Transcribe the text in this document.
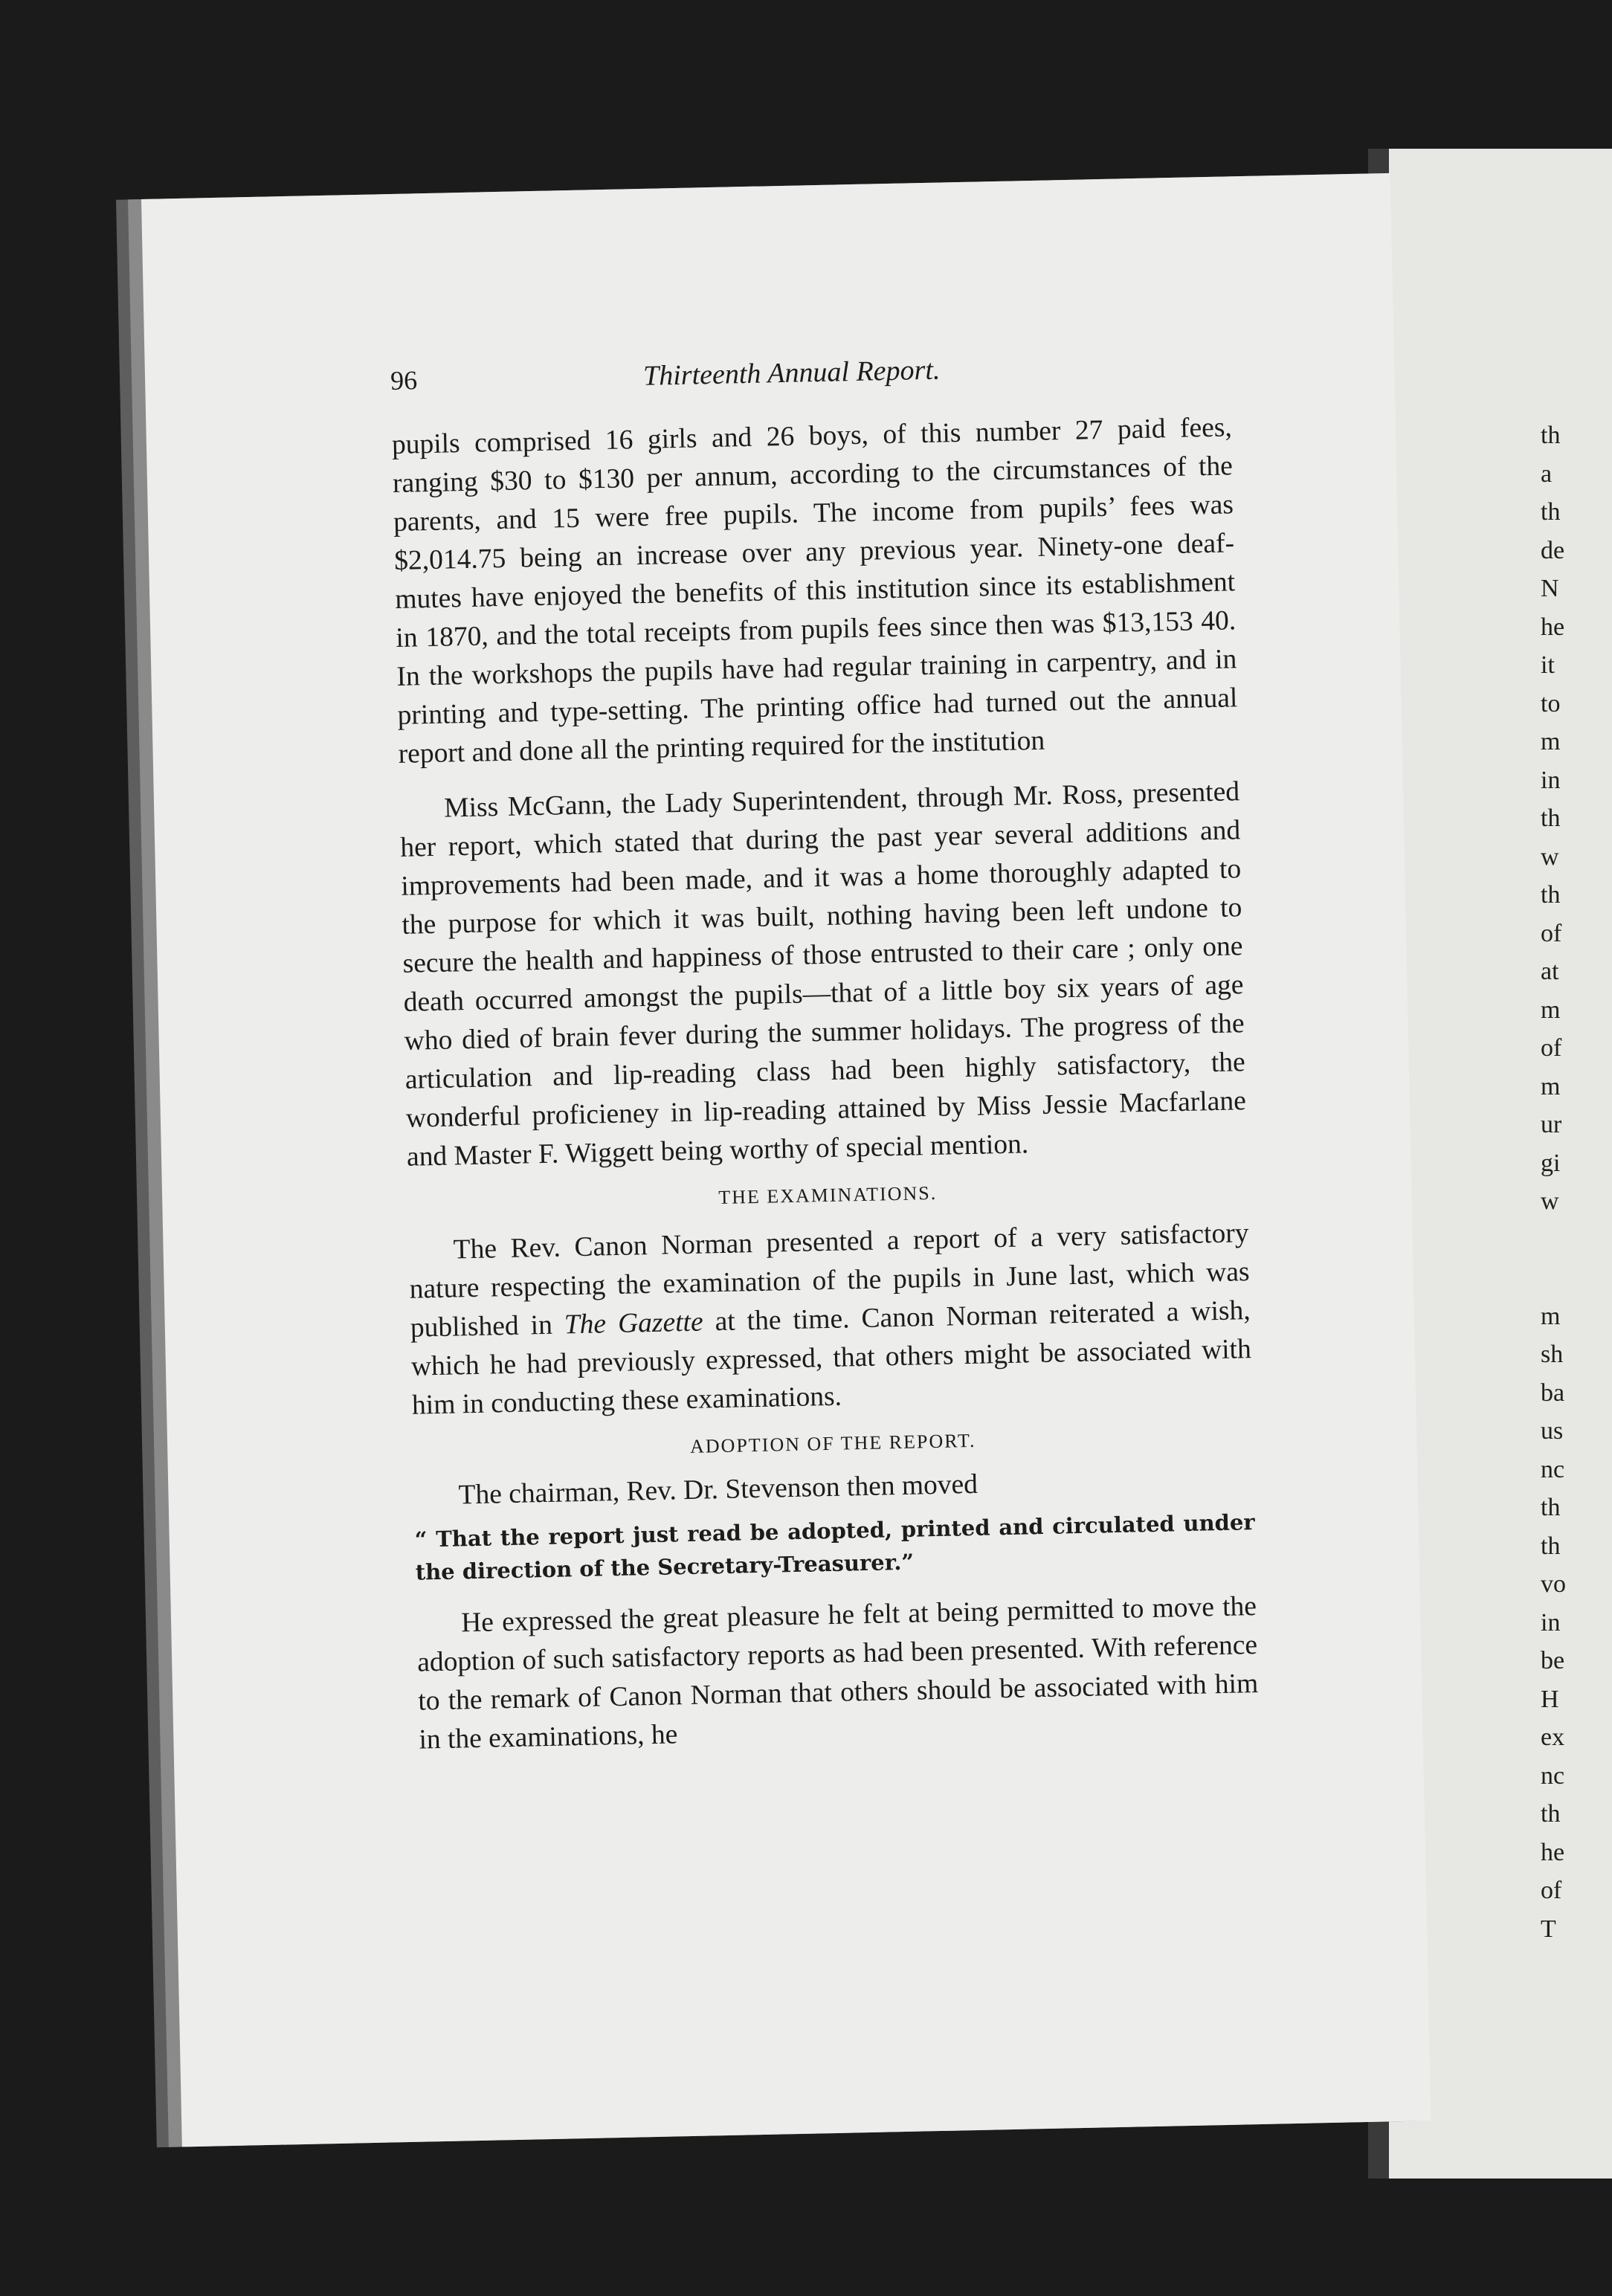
th
a
th
de
N
he
it
to
m
in
th
w
th
of
at
m
of
m
ur
gi
w
m
sh
ba
us
nc
th
th
vo
in
be
H
ex
nc
th
he
of
T
96	Thirteenth Annual Report.

pupils comprised 16 girls and 26 boys, of this number 27 paid fees, ranging $30 to $130 per annum, according to the circumstances of the parents, and 15 were free pupils. The income from pupils’ fees was $2,014.75 being an increase over any previous year. Ninety-one deaf-mutes have enjoyed the benefits of this institution since its establishment in 1870, and the total receipts from pupils fees since then was $13,153 40. In the workshops the pupils have had regular training in carpentry, and in printing and type-setting. The printing office had turned out the annual report and done all the printing required for the institution

Miss McGann, the Lady Superintendent, through Mr. Ross, presented her report, which stated that during the past year several additions and improvements had been made, and it was a home thoroughly adapted to the purpose for which it was built, nothing having been left undone to secure the health and happiness of those entrusted to their care ; only one death occurred amongst the pupils—that of a little boy six years of age who died of brain fever during the summer holidays. The progress of the articulation and lip-reading class had been highly satisfactory, the wonderful proficieney in lip-reading attained by Miss Jessie Macfarlane and Master F. Wiggett being worthy of special mention.

THE EXAMINATIONS.

The Rev. Canon Norman presented a report of a very satisfactory nature respecting the examination of the pupils in June last, which was published in The Gazette at the time. Canon Norman reiterated a wish, which he had previously expressed, that others might be associated with him in conducting these examinations.

ADOPTION OF THE REPORT.

The chairman, Rev. Dr. Stevenson then moved

“ That the report just read be adopted, printed and circulated under the direction of the Secretary-Treasurer.”

He expressed the great pleasure he felt at being permitted to move the adoption of such satisfactory reports as had been presented. With reference to the remark of Canon Norman that others should be associated with him in the examinations, he
